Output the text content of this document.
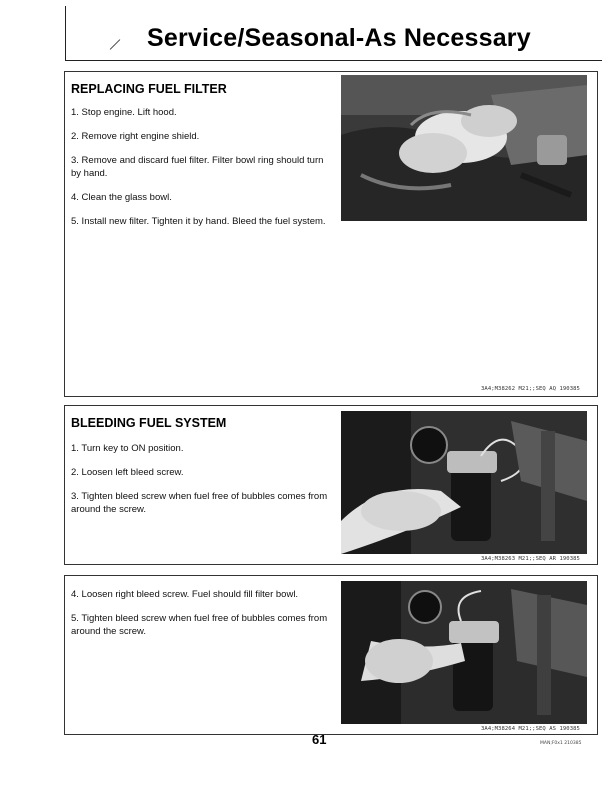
Service/Seasonal-As Necessary
REPLACING FUEL FILTER
1. Stop engine. Lift hood.
2. Remove right engine shield.
3. Remove and discard fuel filter. Filter bowl ring should turn by hand.
4. Clean the glass bowl.
5. Install new filter. Tighten it by hand. Bleed the fuel system.
3A4;M38262 M21;;SEQ AQ 190385
BLEEDING FUEL SYSTEM
1. Turn key to ON position.
2. Loosen left bleed screw.
3. Tighten bleed screw when fuel free of bubbles comes from around the screw.
3A4;M38263 M21;;SEQ AR 190385
4. Loosen right bleed screw. Fuel should fill filter bowl.
5. Tighten bleed screw when fuel free of bubbles comes from around the screw.
3A4;M38264 M21;;SEQ AS 190385
61	MAN;F0x1 210385
